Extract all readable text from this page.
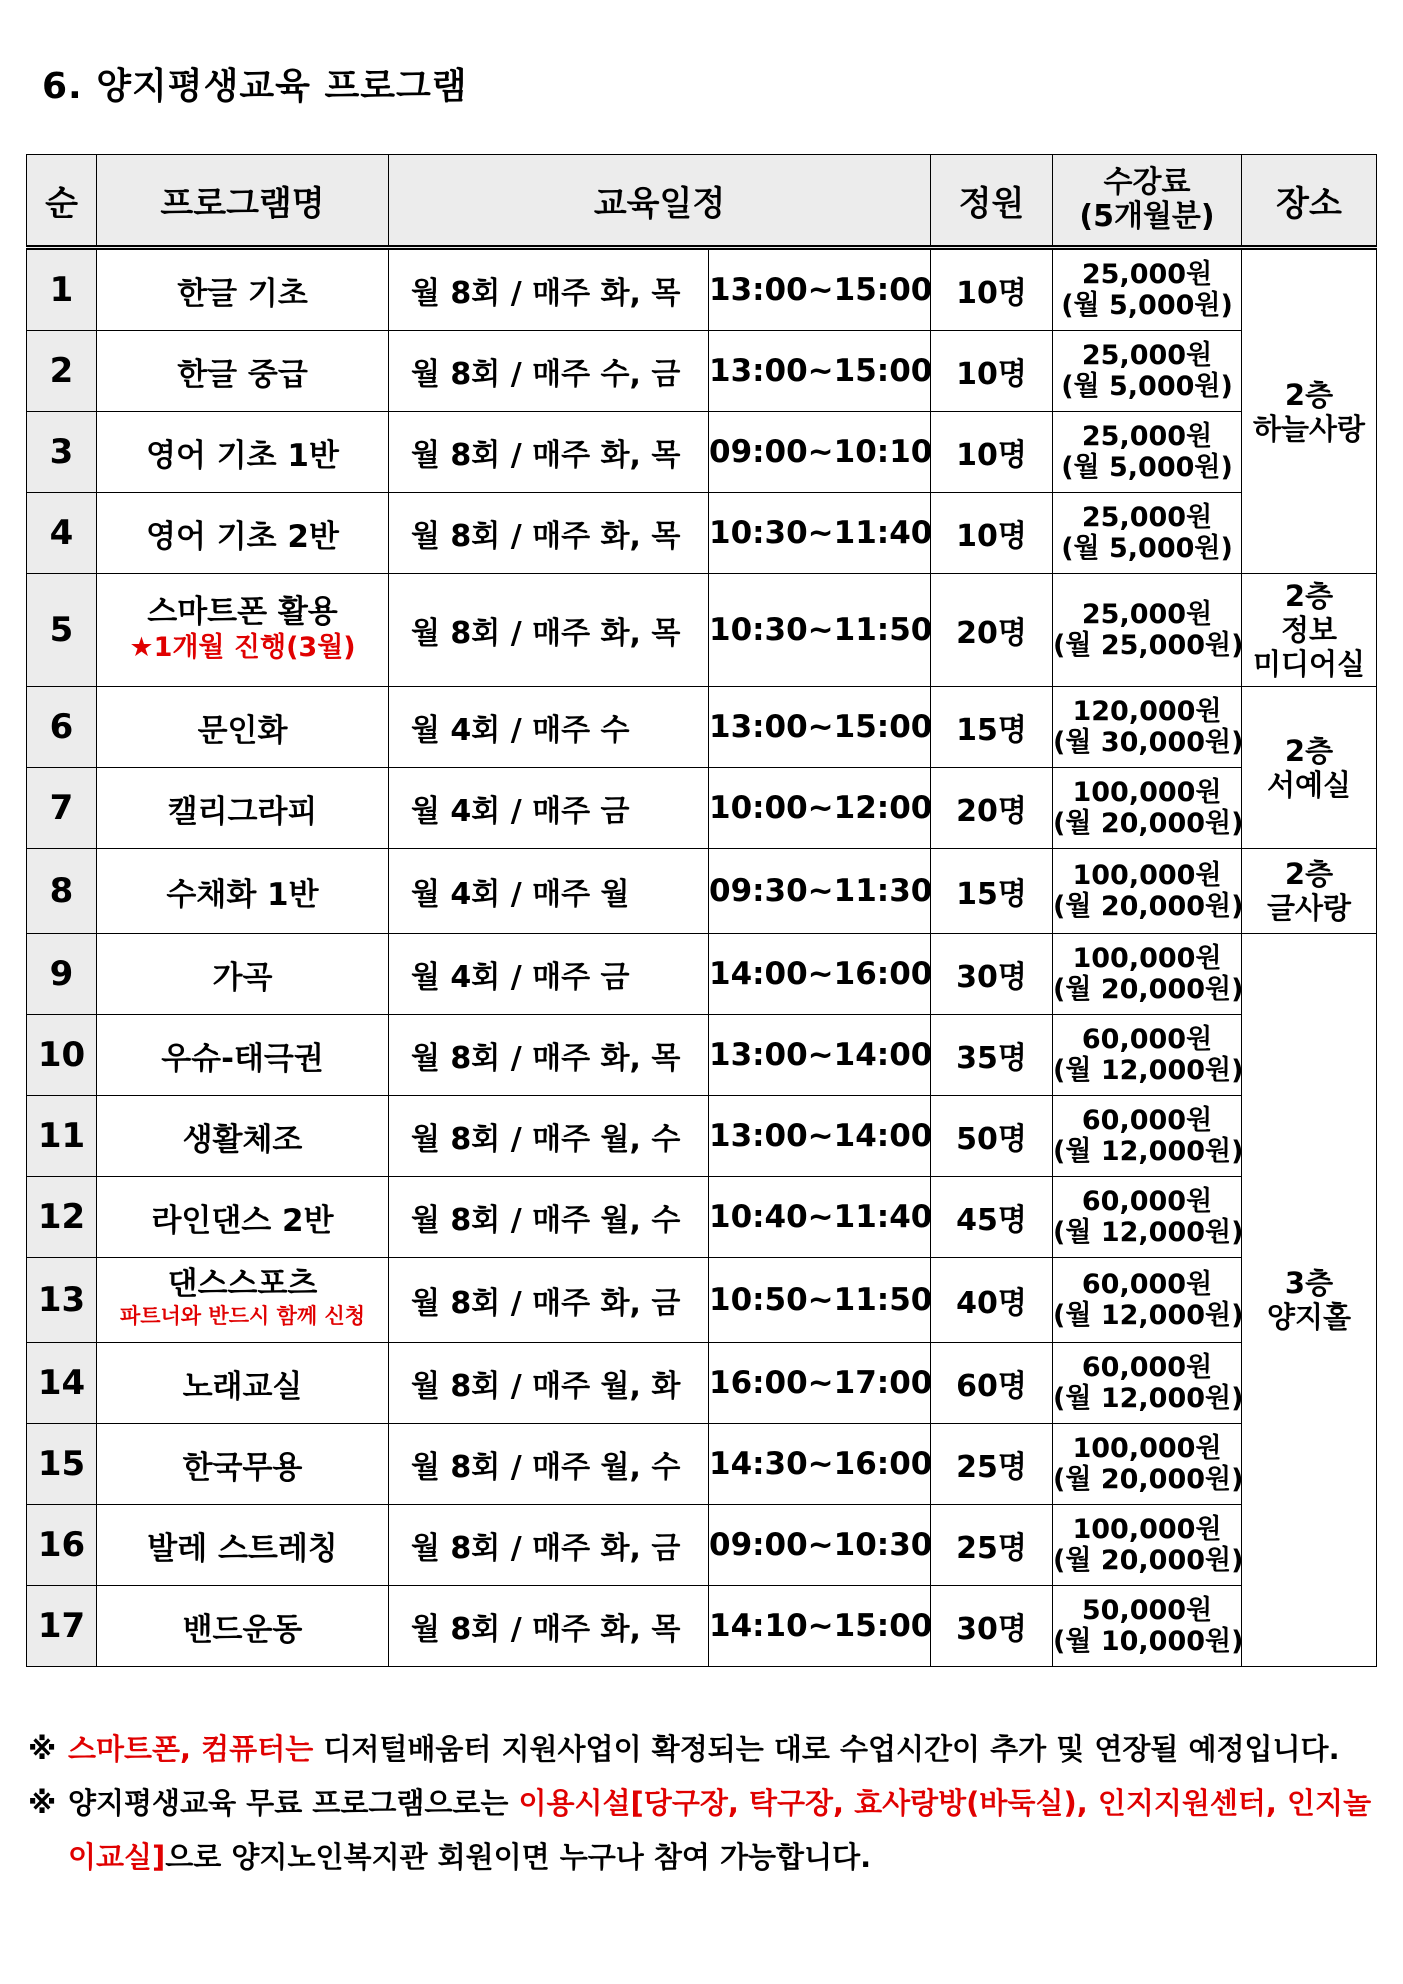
6. 양지평생교육 프로그램
순	프로그램명	교육일정		정원	수강료
(5개월분)	장소
1	한글 기초	월 8회 / 매주 화, 목	13:00~15:00	10명	25,000원
(월 5,000원)	2층
하늘사랑

2	한글 중급	월 8회 / 매주 수, 금	13:00~15:00	10명	25,000원
(월 5,000원)	

3	영어 기초 1반	월 8회 / 매주 화, 목	09:00~10:10	10명	25,000원
(월 5,000원)	

4	영어 기초 2반	월 8회 / 매주 화, 목	10:30~11:40	10명	25,000원
(월 5,000원)	

5	스마트폰 활용
★1개월 진행(3월)	월 8회 / 매주 화, 목	10:30~11:50	20명	25,000원
(월 25,000원)	2층
정보
미디어실

6	문인화	월 4회 / 매주 수	13:00~15:00	15명	120,000원
(월 30,000원)	2층
서예실

7	캘리그라피	월 4회 / 매주 금	10:00~12:00	20명	100,000원
(월 20,000원)	

8	수채화 1반	월 4회 / 매주 월	09:30~11:30	15명	100,000원
(월 20,000원)	2층
글사랑

9	가곡	월 4회 / 매주 금	14:00~16:00	30명	100,000원
(월 20,000원)	3층
양지홀

10	우슈-태극권	월 8회 / 매주 화, 목	13:00~14:00	35명	60,000원
(월 12,000원)	

11	생활체조	월 8회 / 매주 월, 수	13:00~14:00	50명	60,000원
(월 12,000원)	

12	라인댄스 2반	월 8회 / 매주 월, 수	10:40~11:40	45명	60,000원
(월 12,000원)	

13	댄스스포츠
파트너와 반드시 함께 신청	월 8회 / 매주 화, 금	10:50~11:50	40명	60,000원
(월 12,000원)	

14	노래교실	월 8회 / 매주 월, 화	16:00~17:00	60명	60,000원
(월 12,000원)	

15	한국무용	월 8회 / 매주 월, 수	14:30~16:00	25명	100,000원
(월 20,000원)	

16	발레 스트레칭	월 8회 / 매주 화, 금	09:00~10:30	25명	100,000원
(월 20,000원)	

17	밴드운동	월 8회 / 매주 화, 목	14:10~15:00	30명	50,000원
(월 10,000원)	
※ 스마트폰, 컴퓨터는 디저털배움터 지원사업이 확정되는 대로 수업시간이 추가 및 연장될 예정입니다.
※ 양지평생교육 무료 프로그램으로는 이용시설[당구장, 탁구장, 효사랑방(바둑실), 인지지원센터, 인지놀이교실]으로 양지노인복지관 회원이면 누구나 참여 가능합니다.
